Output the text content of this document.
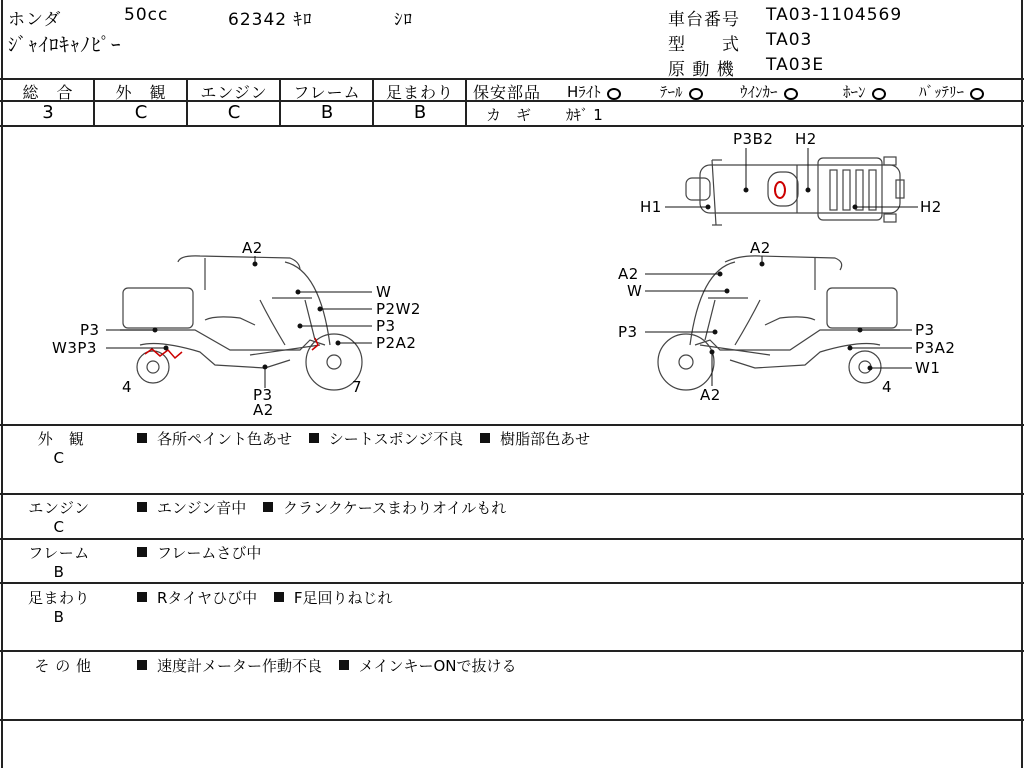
ホンダ	50cc	62342 ｷﾛ	ｼﾛ
ｼﾞｬｲﾛｷｬﾉﾋﾟｰ
車台番号 TA03-1104569
型　　式 TA03
原 動 機 TA03E
総　合	外　観	エンジン	フレーム	足まわり
3	C	C	B	B
保安部品 Hﾗｲﾄ	ﾃｰﾙ	ｳｲﾝｶｰ	ﾎｰﾝ	ﾊﾞｯﾃﾘｰ
カ　ギ ｶｷﾞ 1
P3B2 H2
H1	H2
A2
W
P2W2
P3
P2A2
P3
W3P3
4	P3
A2
7
A2
A2
W
P3	P3
P3A2
W1
A2	4
外　観
C
各所ペイント色あせ シートスポンジ不良 樹脂部色あせ
エンジン
C
エンジン音中 クランクケースまわりオイルもれ
フレーム
B
フレームさび中
足まわり
B
Rタイヤひび中 F足回りねじれ
そ の 他	速度計メーター作動不良 メインキーONで抜ける
